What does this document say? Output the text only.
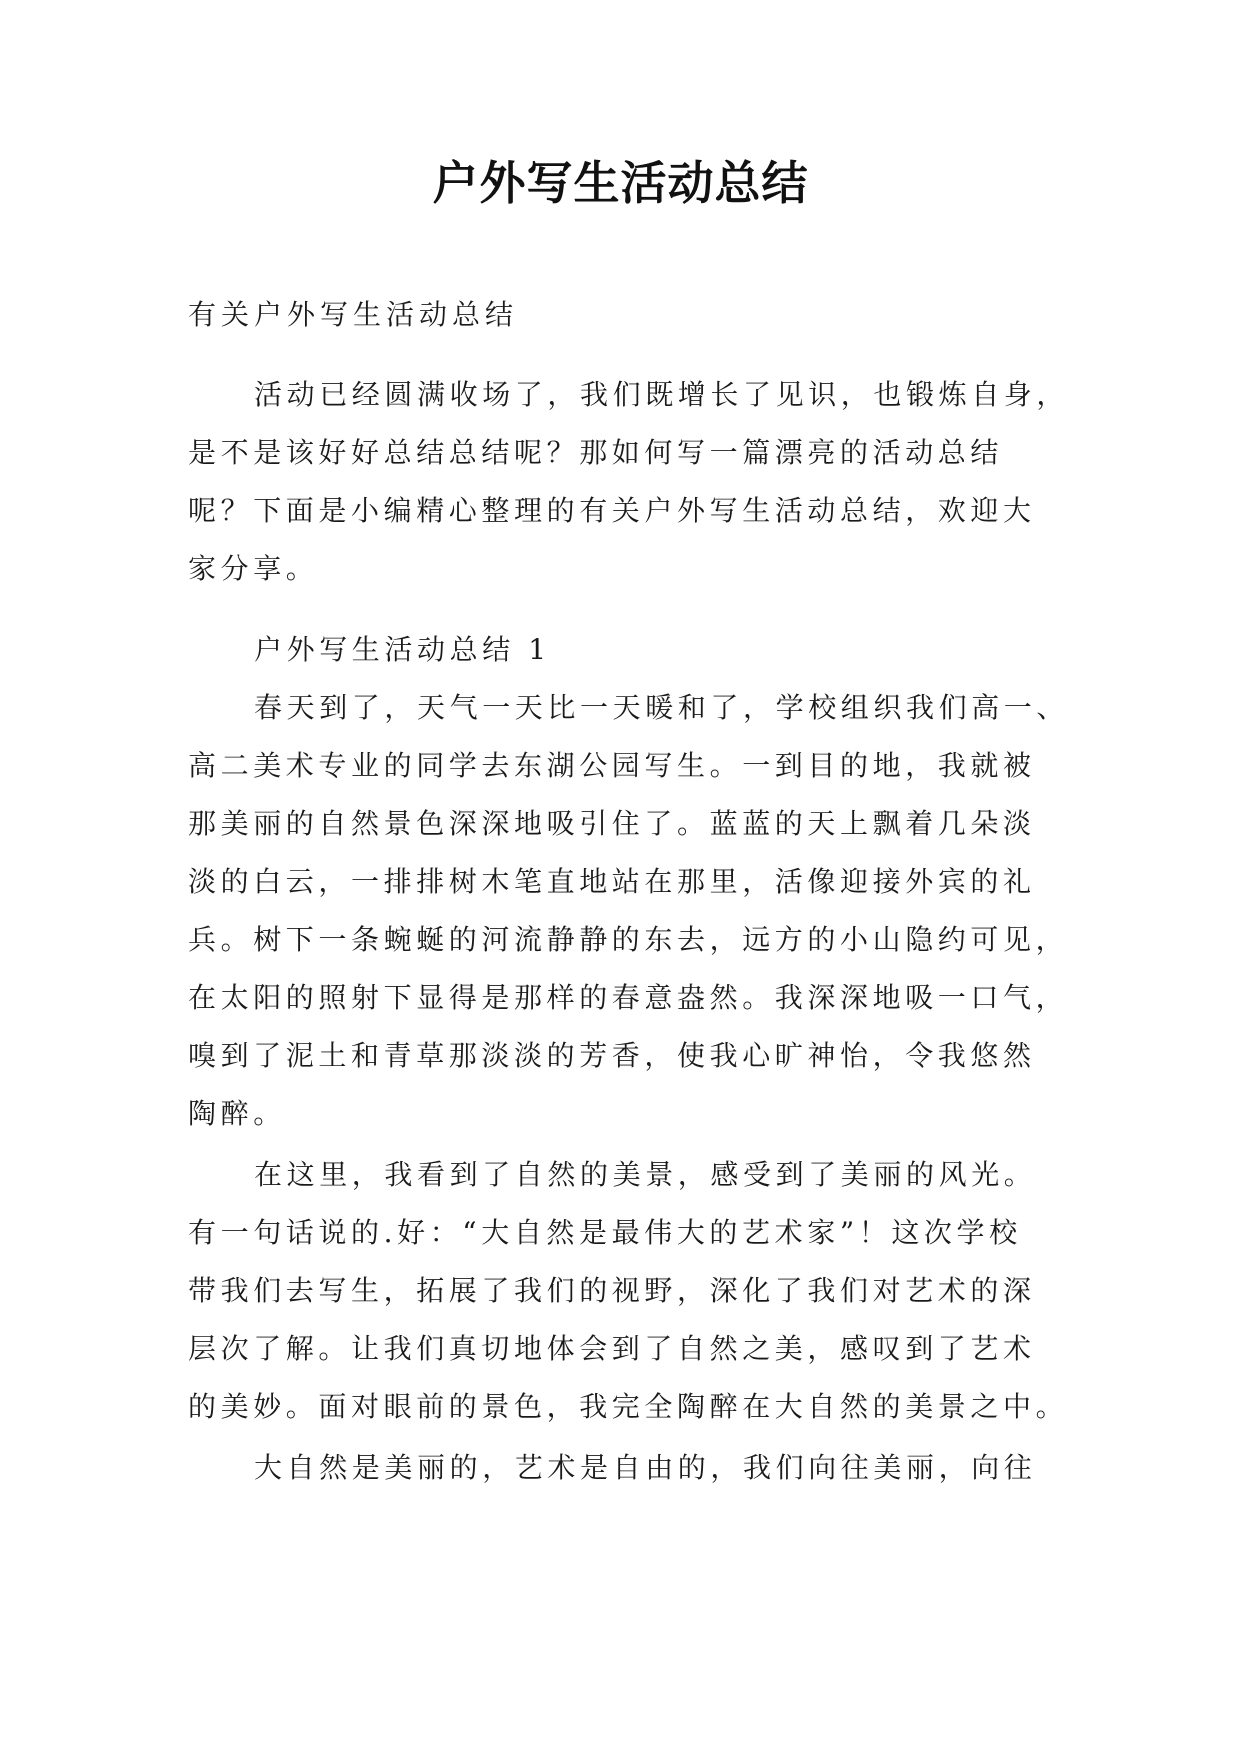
户外写生活动总结
有关户外写生活动总结
活动已经圆满收场了，我们既增长了见识，也锻炼自身，
是不是该好好总结总结呢？那如何写一篇漂亮的活动总结
呢？下面是小编精心整理的有关户外写生活动总结，欢迎大
家分享。
户外写生活动总结 1
春天到了，天气一天比一天暖和了，学校组织我们高一、
高二美术专业的同学去东湖公园写生。一到目的地，我就被
那美丽的自然景色深深地吸引住了。蓝蓝的天上飘着几朵淡
淡的白云，一排排树木笔直地站在那里，活像迎接外宾的礼
兵。树下一条蜿蜒的河流静静的东去，远方的小山隐约可见，
在太阳的照射下显得是那样的春意盎然。我深深地吸一口气，
嗅到了泥土和青草那淡淡的芳香，使我心旷神怡，令我悠然
陶醉。
在这里，我看到了自然的美景，感受到了美丽的风光。
有一句话说的.好：“大自然是最伟大的艺术家”！这次学校
带我们去写生，拓展了我们的视野，深化了我们对艺术的深
层次了解。让我们真切地体会到了自然之美，感叹到了艺术
的美妙。面对眼前的景色，我完全陶醉在大自然的美景之中。
大自然是美丽的，艺术是自由的，我们向往美丽，向往
